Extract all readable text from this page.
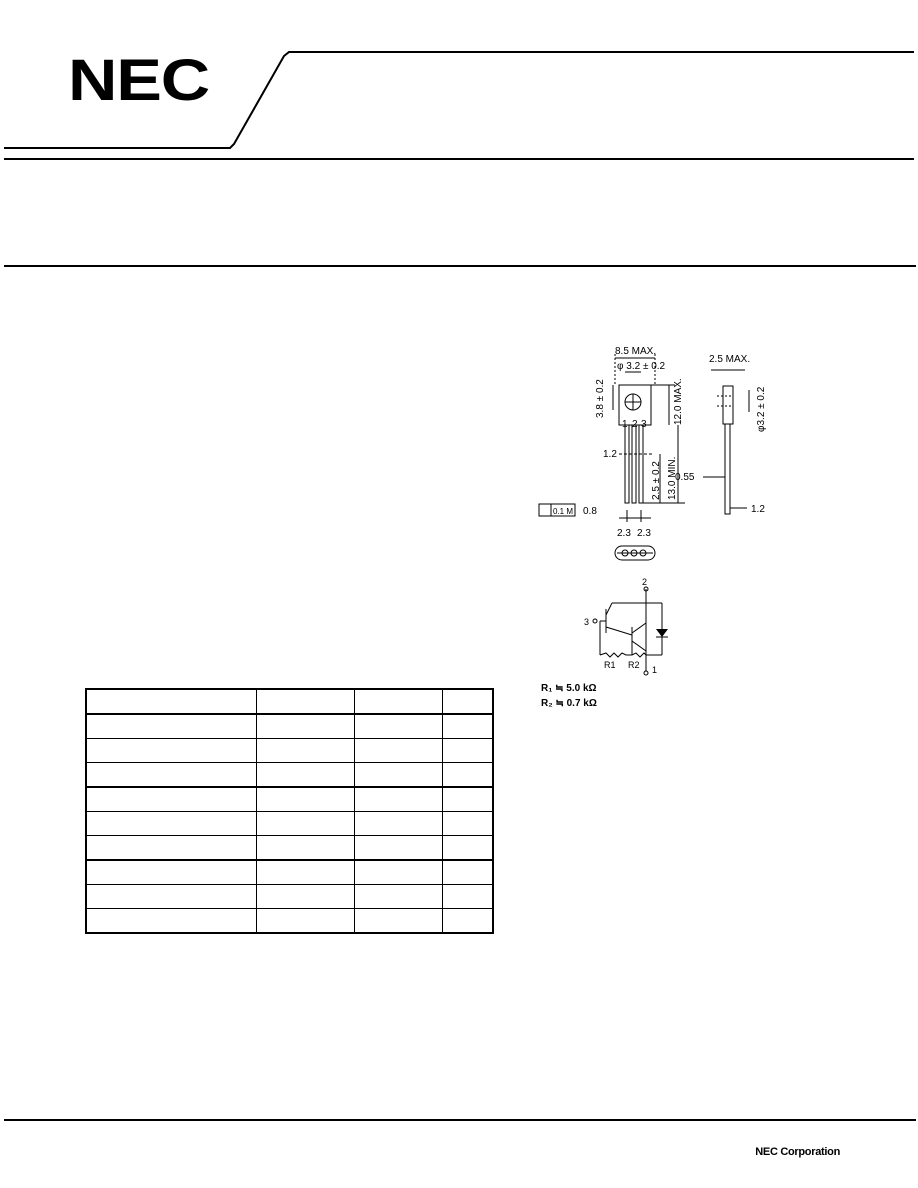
NEC
8.5 MAX.
φ 3.2 ± 0.2
3.8 ± 0.2	12.0 MAX.
1 2 3
1.2
2.5 ± 0.2 13.0 MIN.
2.3 2.3
0.8
0.1 M
2.5 MAX.
φ3.2 ± 0.2
0.55
1.2
2
3
1
R1 R2
R₁ ≒ 5.0 kΩ
R₂ ≒ 0.7 kΩ

NEC Corporation
